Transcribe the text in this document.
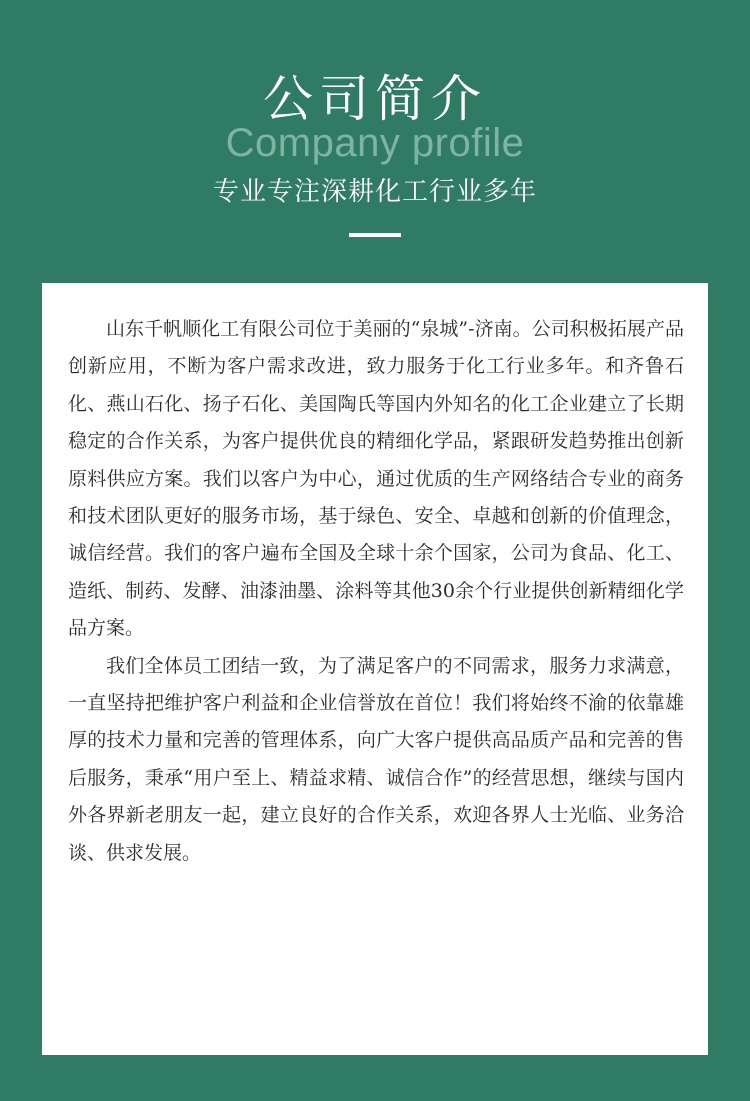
公司简介
Company profile
专业专注深耕化工行业多年

山东千帆顺化工有限公司位于美丽的“泉城”-济南。公司积极拓展产品创新应用，不断为客户需求改进，致力服务于化工行业多年。和齐鲁石化、燕山石化、扬子石化、美国陶氏等国内外知名的化工企业建立了长期稳定的合作关系，为客户提供优良的精细化学品，紧跟研发趋势推出创新原料供应方案。我们以客户为中心，通过优质的生产网络结合专业的商务和技术团队更好的服务市场，基于绿色、安全、卓越和创新的价值理念，诚信经营。我们的客户遍布全国及全球十余个国家，公司为食品、化工、造纸、制药、发酵、油漆油墨、涂料等其他30余个行业提供创新精细化学品方案。

我们全体员工团结一致，为了满足客户的不同需求，服务力求满意，一直坚持把维护客户利益和企业信誉放在首位！我们将始终不渝的依靠雄厚的技术力量和完善的管理体系，向广大客户提供高品质产品和完善的售后服务，秉承“用户至上、精益求精、诚信合作”的经营思想，继续与国内外各界新老朋友一起，建立良好的合作关系，欢迎各界人士光临、业务洽谈、供求发展。
